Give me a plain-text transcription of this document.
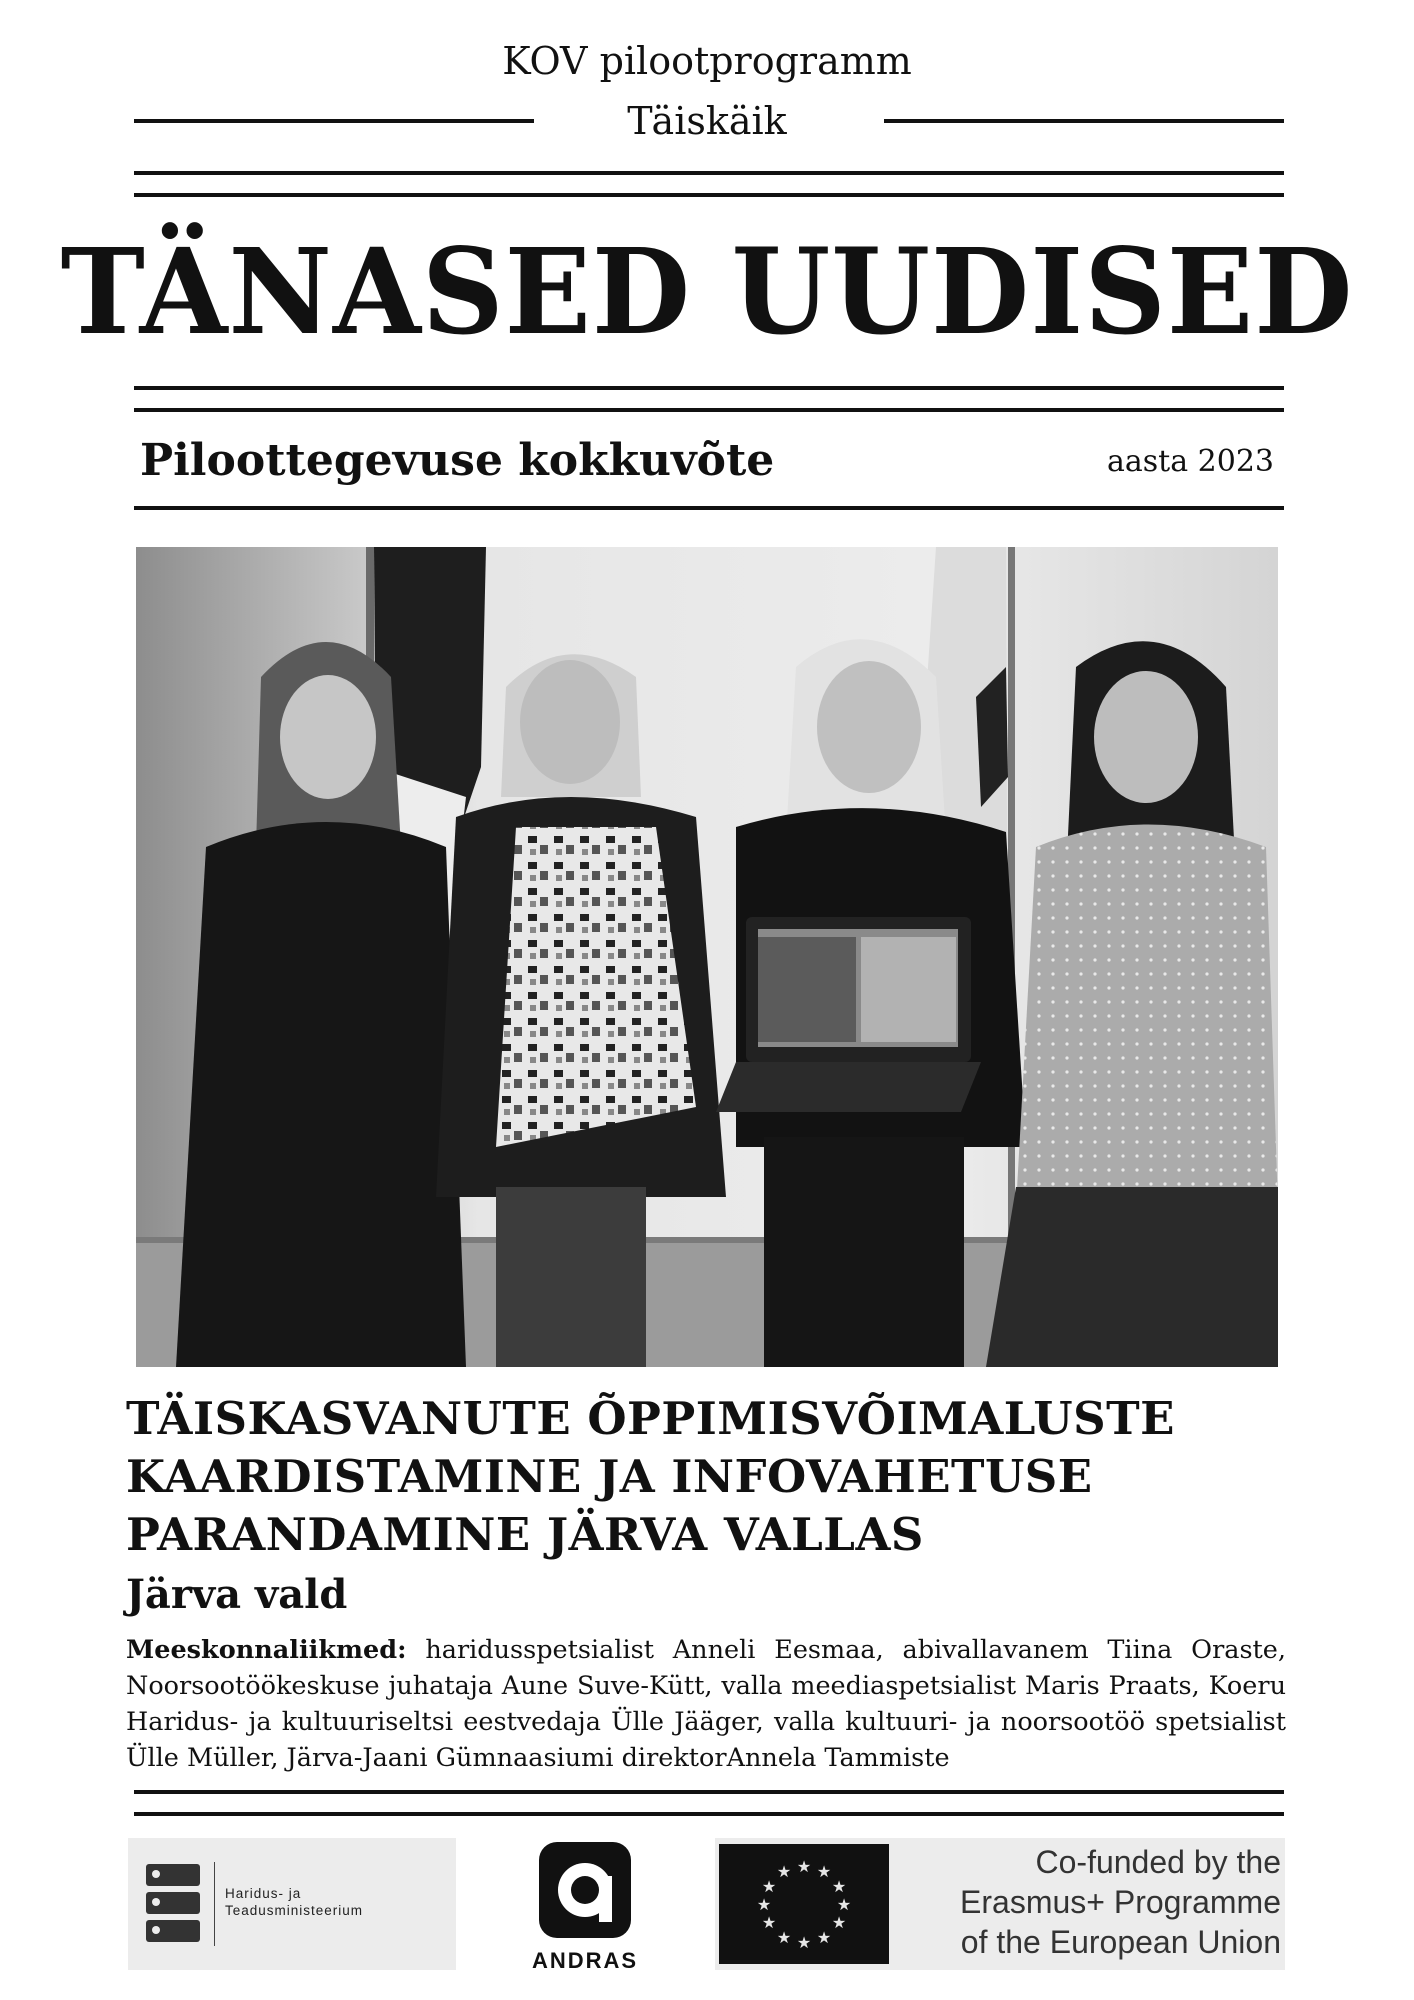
KOV pilootprogramm
Täiskäik
TÄNASED UUDISED
Piloottegevuse kokkuvõte	aasta 2023
TÄISKASVANUTE ÕPPIMISVÕIMALUSTE
KAARDISTAMINE JA INFOVAHETUSE
PARANDAMINE JÄRVA VALLAS
Järva vald
Meeskonnaliikmed: haridusspetsialist Anneli Eesmaa, abivallavanem Tiina Oraste, Noorsootöökeskuse juhataja Aune Suve-Kütt, valla meediaspetsialist Maris Praats, Koeru Haridus- ja kultuuriseltsi eestvedaja Ülle Jääger, valla kultuuri- ja noorsootöö spetsialist Ülle Müller, Järva-Jaani Gümnaasiumi direktorAnnela Tammiste
Haridus- ja
Teadusministeerium
ANDRAS
★ ★
★
★
★
★
★
★
★
★
★
★	Co-funded by the
Erasmus+ Programme
of the European Union
